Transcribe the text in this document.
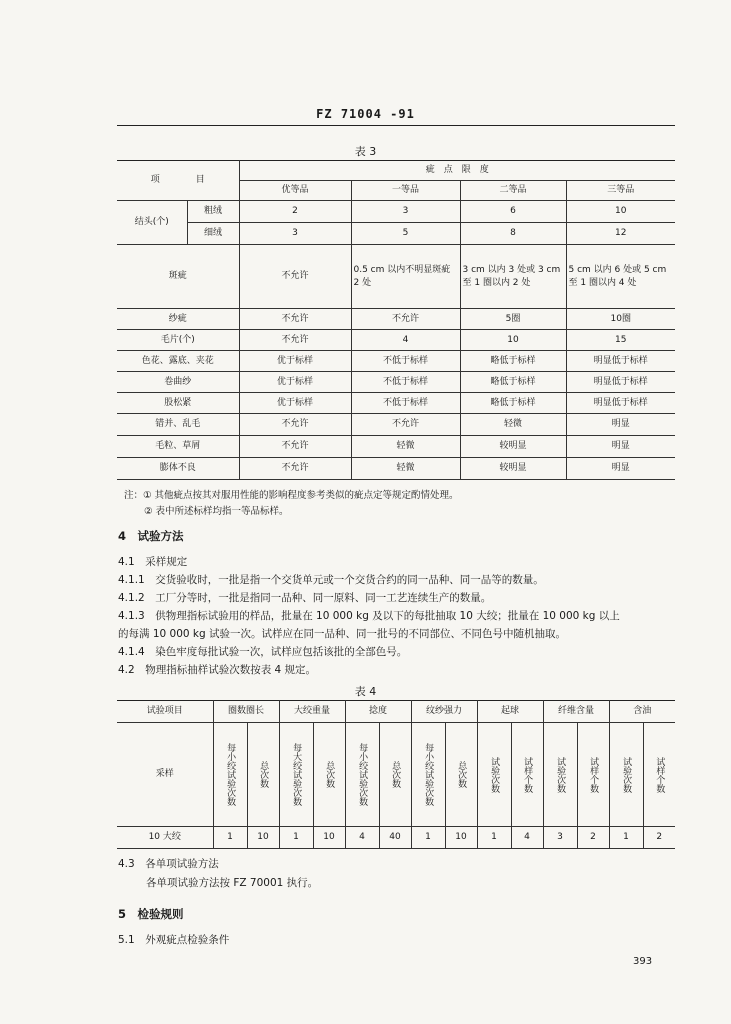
FZ 71004 -91
表 3
项　　　　目		疵　点　限　度			
		优等品	一等品	二等品	三等品
结头(个)	粗绒	2	3	6	10
	细绒	3	5	8	12
斑疵		不允许	0.5 cm 以内不明显斑疵 2 处	3 cm 以内 3 处或 3 cm至 1 圈以内 2 处	5 cm 以内 6 处或 5 cm至 1 圈以内 4 处
纱疵		不允许	不允许	5圈	10圈
毛片(个)		不允许	4	10	15
色花、露底、夹花		优于标样	不低于标样	略低于标样	明显低于标样
卷曲纱		优于标样	不低于标样	略低于标样	明显低于标样
股松紧		优于标样	不低于标样	略低于标样	明显低于标样
错并、乱毛		不允许	不允许	轻微	明显
毛粒、草屑		不允许	轻微	较明显	明显
膨体不良		不允许	轻微	较明显	明显
注：① 其他疵点按其对服用性能的影响程度参考类似的疵点定等规定酌情处理。
② 表中所述标样均指一等品标样。
4　试验方法
4.1　采样规定
4.1.1　交货验收时，一批是指一个交货单元或一个交货合约的同一品种、同一品等的数量。
4.1.2　工厂分等时，一批是指同一品种、同一原料、同一工艺连续生产的数量。
4.1.3　供物理指标试验用的样品，批量在 10 000 kg 及以下的每批抽取 10 大绞；批量在 10 000 kg 以上
的每满 10 000 kg 试验一次。试样应在同一品种、同一批号的不同部位、不同色号中随机抽取。
4.1.4　染色牢度每批试验一次，试样应包括该批的全部色号。
4.2　物理指标抽样试验次数按表 4 规定。
表 4
试验项目	圈数圈长		大绞重量		捻度		纹纱强力		起球		纤维含量		含油	
采样	每小绞试验次数	总次数	每大绞试验次数	总次数	每小绞试验次数	总次数	每小绞试验次数	总次数	试验次数	试样个数	试验次数	试样个数	试验次数	试样个数

10 大绞	1	10	1	10	4	40	1	10	1	4	3	2	1	2
4.3　各单项试验方法
各单项试验方法按 FZ 70001 执行。
5　检验规则
5.1　外观疵点检验条件
393
